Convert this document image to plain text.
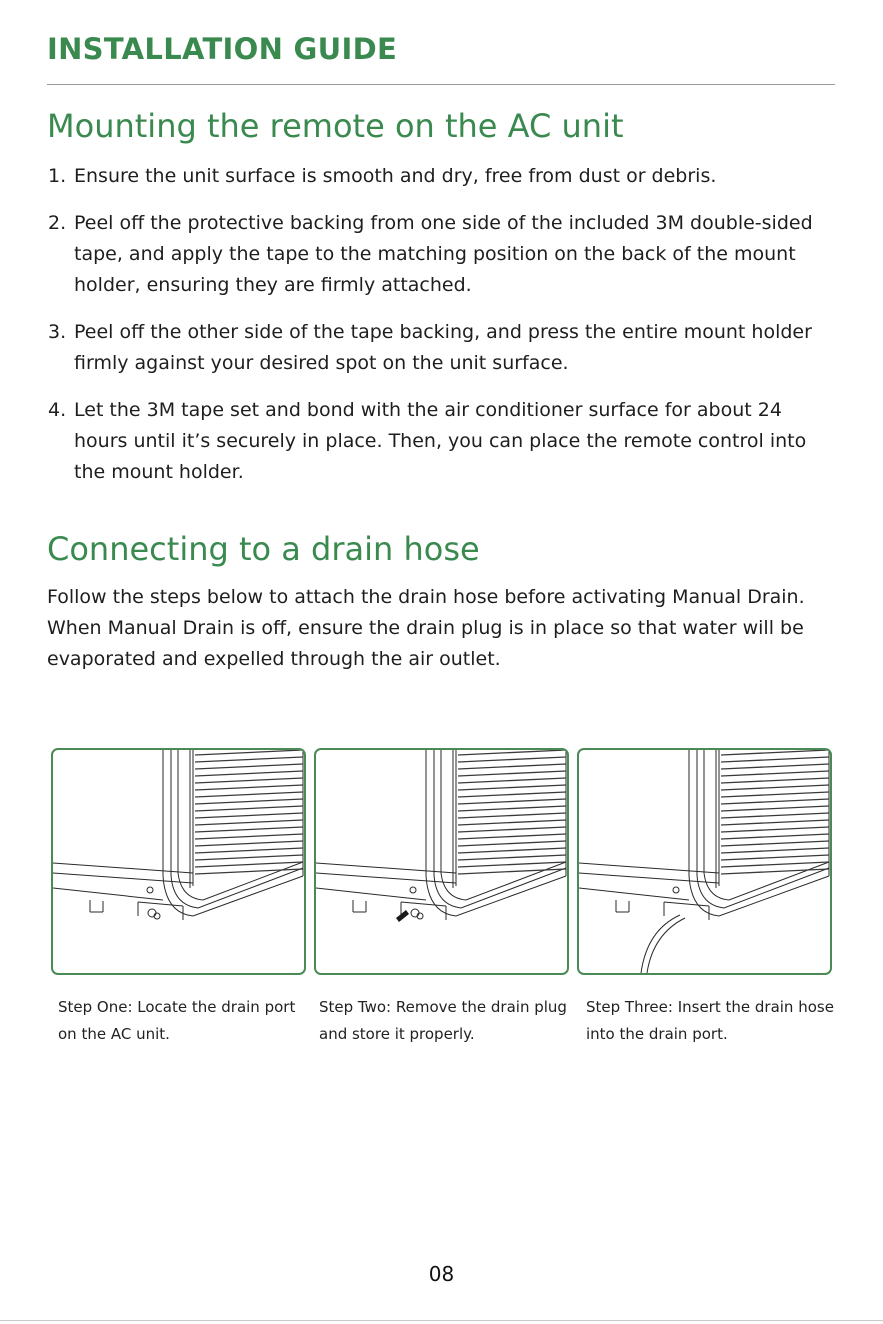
INSTALLATION GUIDE
Mounting the remote on the AC unit
1. Ensure the unit surface is smooth and dry, free from dust or debris.
2. Peel off the protective backing from one side of the included 3M double-sided tape, and apply the tape to the matching position on the back of the mount holder, ensuring they are firmly attached.
3. Peel off the other side of the tape backing, and press the entire mount holder firmly against your desired spot on the unit surface.
4. Let the 3M tape set and bond with the air conditioner surface for about 24 hours until it’s securely in place. Then, you can place the remote control into the mount holder.
Connecting to a drain hose

Follow the steps below to attach the drain hose before activating Manual Drain. When Manual Drain is off, ensure the drain plug is in place so that water will be evaporated and expelled through the air outlet.

Step One: Locate the drain port on the AC unit.

Step Two: Remove the drain plug and store it properly.

Step Three: Insert the drain hose into the drain port.

08
